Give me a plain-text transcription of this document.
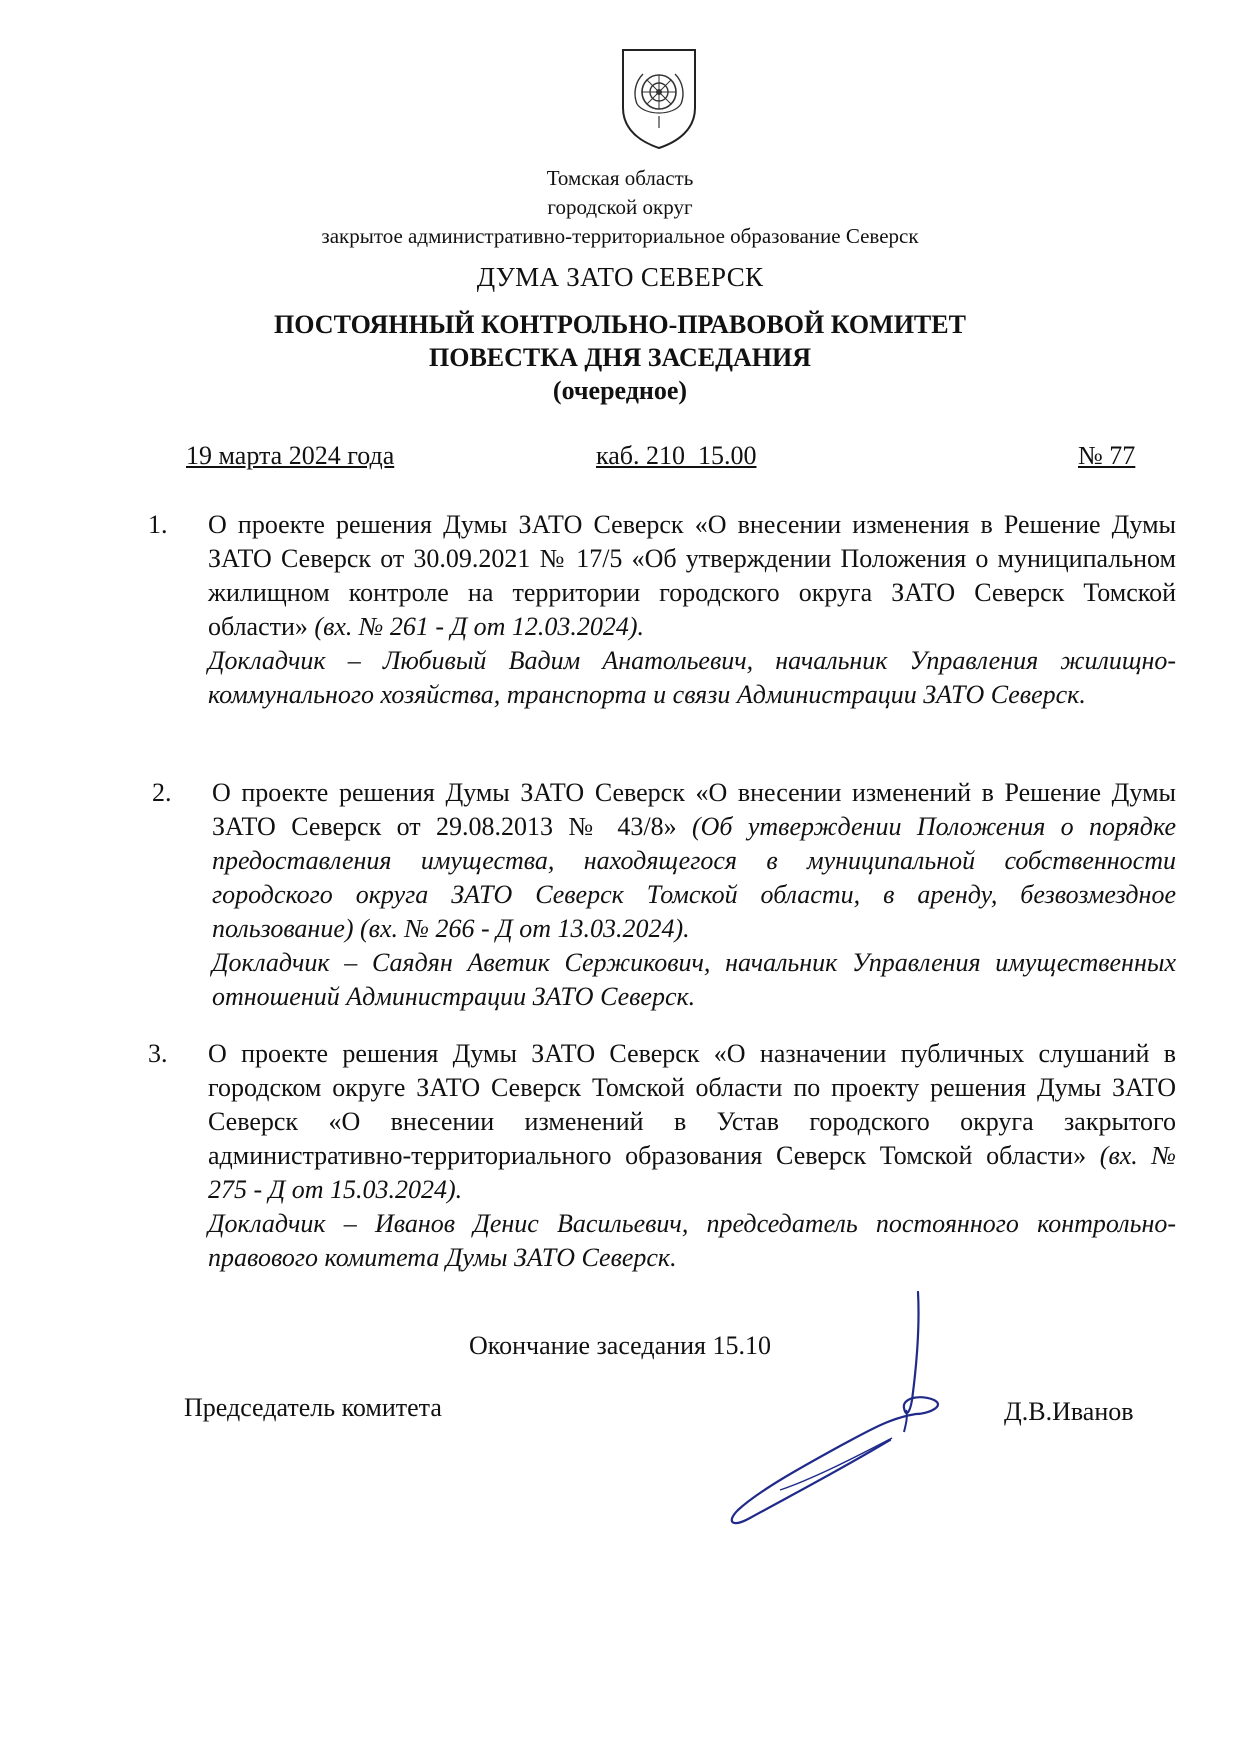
Томская область
городской округ
закрытое административно-территориальное образование Северск
ДУМА ЗАТО СЕВЕРСК
ПОСТОЯННЫЙ КОНТРОЛЬНО-ПРАВОВОЙ КОМИТЕТ
ПОВЕСТКА ДНЯ ЗАСЕДАНИЯ
(очередное)
19 марта 2024 года	каб. 210  15.00	№ 77
1.	О проекте решения Думы ЗАТО Северск «О внесении изменения в Решение Думы ЗАТО Северск от 30.09.2021 № 17/5 «Об утверждении Положения о муниципальном жилищном контроле на территории городского округа ЗАТО Северск Томской области» (вх. № 261 - Д от 12.03.2024).
Докладчик – Любивый Вадим Анатольевич, начальник Управления жилищно-коммунального хозяйства, транспорта и связи Администрации ЗАТО Северск.
2.	О проекте решения Думы ЗАТО Северск «О внесении изменений в Решение Думы ЗАТО Северск от 29.08.2013 № 43/8» (Об утверждении Положения о порядке предоставления имущества, находящегося в муниципальной собственности городского округа ЗАТО Северск Томской области, в аренду, безвозмездное пользование) (вх. № 266 - Д от 13.03.2024).
Докладчик – Саядян Аветик Сержикович, начальник Управления имущественных отношений Администрации ЗАТО Северск.
3.	О проекте решения Думы ЗАТО Северск «О назначении публичных слушаний в городском округе ЗАТО Северск Томской области по проекту решения Думы ЗАТО Северск «О внесении изменений в Устав городского округа закрытого административно-территориального образования Северск Томской области» (вх. № 275 - Д от 15.03.2024).
Докладчик – Иванов Денис Васильевич, председатель постоянного контрольно-правового комитета Думы ЗАТО Северск.
Окончание заседания 15.10
Председатель комитета	Д.В.Иванов
